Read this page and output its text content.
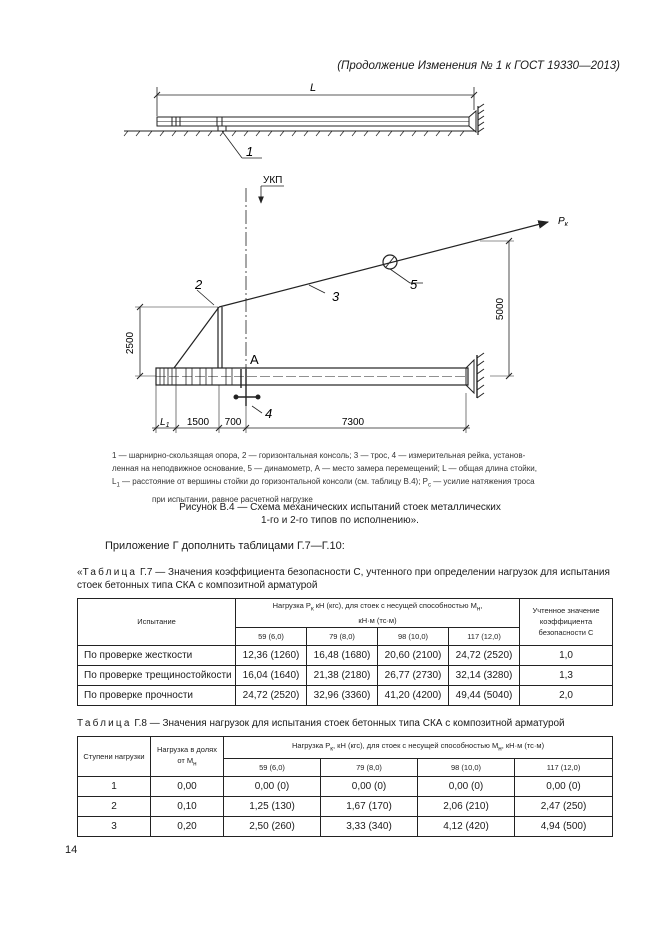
(Продолжение Изменения № 1 к ГОСТ 19330—2013)
L
1
УКП
$P_к$
2
3
5
4
А
2500
5000
$L_1$ 1500 700	7300
1 — шарнирно-скользящая опора, 2 — горизонтальная консоль; 3 — трос, 4 — измерительная рейка, установ-
ленная на неподвижное основание, 5 — динамометр, А — место замера перемещений; L — общая длина стойки,
$L_1$ — расстояние от вершины стойки до горизонтальной консоли (см. таблицу В.4); $P_с$ — усилие натяжения троса
при испытании, равное расчетной нагрузке
Рисунок В.4 — Схема механических испытаний стоек металлических
1-го и 2-го типов по исполнению».
Приложение Г дополнить таблицами Г.7—Г.10:
«Таблица Г.7 — Значения коэффициента безопасности С, учтенного при определении нагрузок для испытания
стоек бетонных типа СКА с композитной арматурой
Испытание	Нагрузка $P_к$ кН (кгс), для стоек с несущей способностью $M_н$,
кН·м (тс·м)				Учтенное значение коэффициента безопасности С
	59 (6,0)	79 (8,0)	98 (10,0)	117 (12,0)	
По проверке жесткости	12,36 (1260)	16,48 (1680)	20,60 (2100)	24,72 (2520)	1,0
По проверке трещиностойкости	16,04 (1640)	21,38 (2180)	26,77 (2730)	32,14 (3280)	1,3
По проверке прочности	24,72 (2520)	32,96 (3360)	41,20 (4200)	49,44 (5040)	2,0
Таблица Г.8 — Значения нагрузок для испытания стоек бетонных типа СКА с композитной арматурой
Ступени нагрузки	Нагрузка в долях от $M_н$	Нагрузка $P_к$, кН (кгс), для стоек с несущей способностью $M_н$, кН·м (тс·м)			
		59 (6,0)	79 (8,0)	98 (10,0)	117 (12,0)
1	0,00	0,00 (0)	0,00 (0)	0,00 (0)	0,00 (0)
2	0,10	1,25 (130)	1,67 (170)	2,06 (210)	2,47 (250)
3	0,20	2,50 (260)	3,33 (340)	4,12 (420)	4,94 (500)
14
